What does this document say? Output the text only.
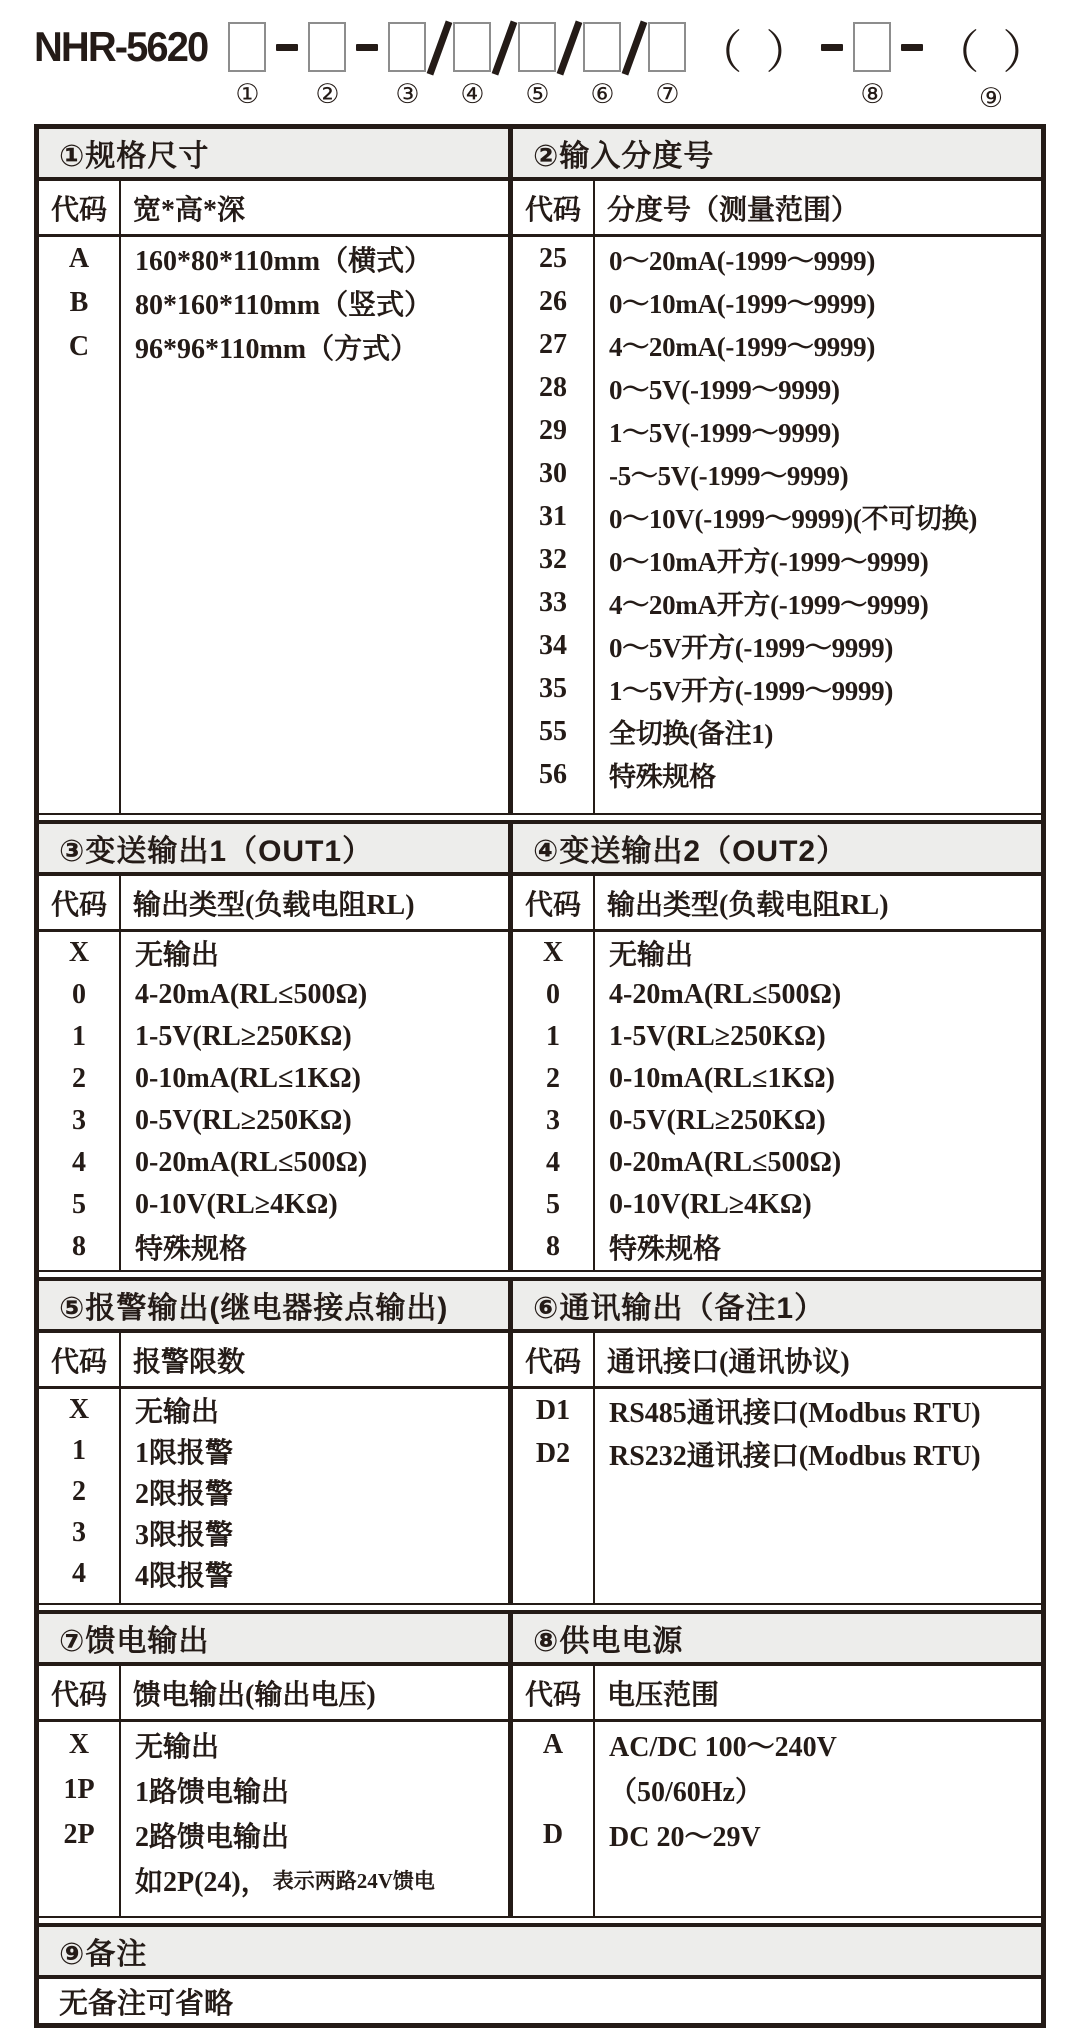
NHR-5620
① ② ③ ④ ⑤ ⑥ ⑦
（  ）
⑧
（  ）
⑨
①规格尺寸
代码
A
B
C
宽*高*深
160*80*110mm（横式）
80*160*110mm（竖式）
96*96*110mm（方式）
②输入分度号
代码
25
26
27
28
29
30
31
32
33
34
35
55
56
分度号（测量范围）
0～20mA(-1999～9999)
0～10mA(-1999～9999)
4～20mA(-1999～9999)
0～5V(-1999～9999)
1～5V(-1999～9999)
-5～5V(-1999～9999)
0～10V(-1999～9999)(不可切换)
0～10mA开方(-1999～9999)
4～20mA开方(-1999～9999)
0～5V开方(-1999～9999)
1～5V开方(-1999～9999)
全切换(备注1)
特殊规格
③变送输出1（OUT1）
代码
X
0
1
2
3
4
5
8
输出类型(负载电阻RL)
无输出
4-20mA(RL≤500Ω)
1-5V(RL≥250KΩ)
0-10mA(RL≤1KΩ)
0-5V(RL≥250KΩ)
0-20mA(RL≤500Ω)
0-10V(RL≥4KΩ)
特殊规格
④变送输出2（OUT2）
代码
X
0
1
2
3
4
5
8
输出类型(负载电阻RL)
无输出
4-20mA(RL≤500Ω)
1-5V(RL≥250KΩ)
0-10mA(RL≤1KΩ)
0-5V(RL≥250KΩ)
0-20mA(RL≤500Ω)
0-10V(RL≥4KΩ)
特殊规格
⑤报警输出(继电器接点输出)
代码
X
1
2
3
4
报警限数
无输出
1限报警
2限报警
3限报警
4限报警
⑥通讯输出（备注1）
代码
D1
D2
通讯接口(通讯协议)
RS485通讯接口(Modbus RTU)
RS232通讯接口(Modbus RTU)
⑦馈电输出
代码
X
1P
2P
馈电输出(输出电压)
无输出
1路馈电输出
2路馈电输出
如2P(24)， 表示两路24V馈电
⑧供电电源
代码
A
D
电压范围
AC/DC 100～240V
（50/60Hz）
DC 20～29V
⑨备注
无备注可省略
